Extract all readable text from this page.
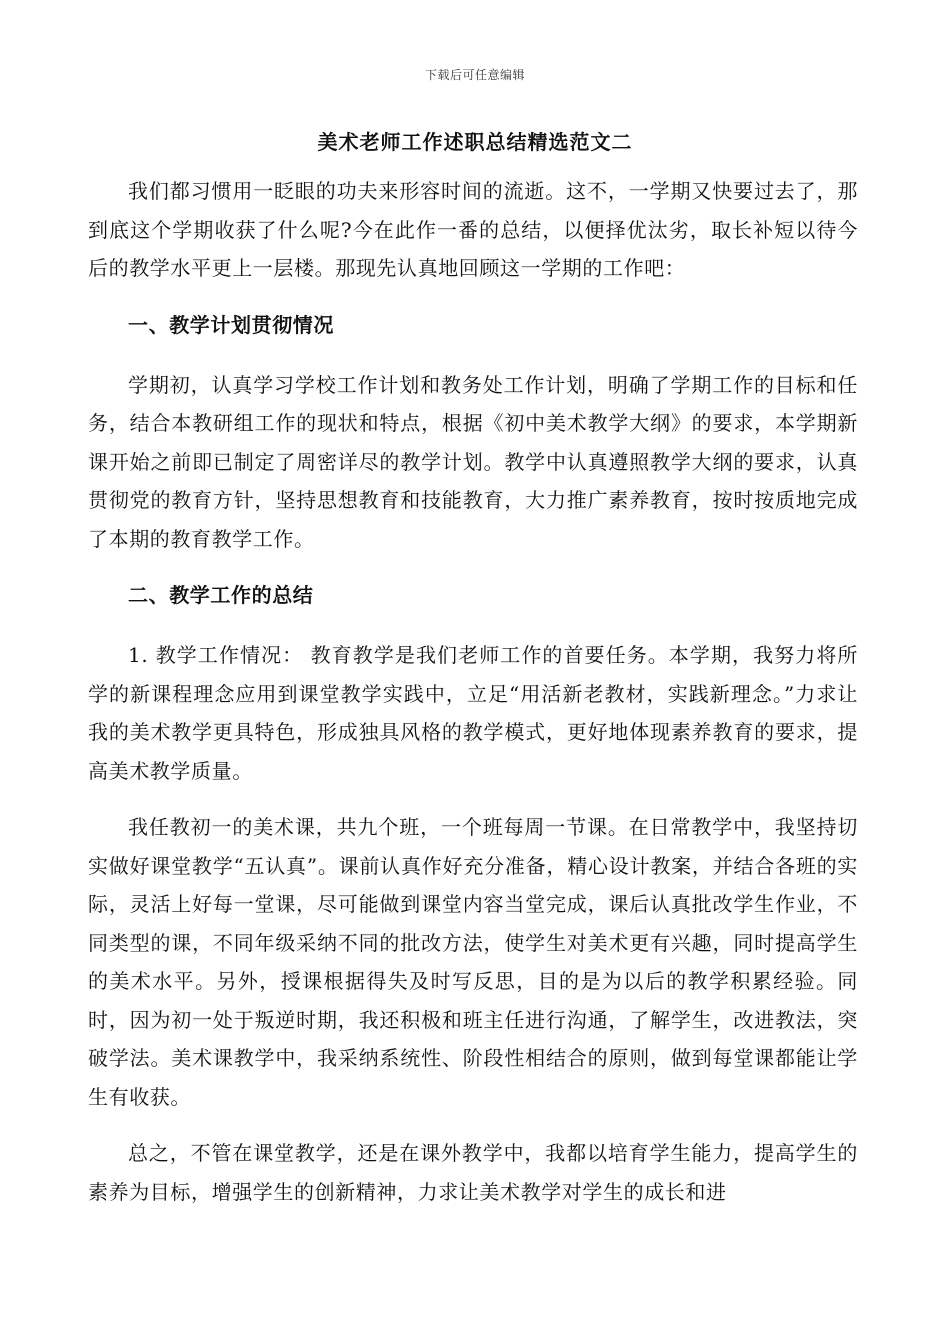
下载后可任意编辑
美术老师工作述职总结精选范文二

我们都习惯用一眨眼的功夫来形容时间的流逝。这不，一学期又快要过去了，那到底这个学期收获了什么呢?今在此作一番的总结，以便择优汰劣，取长补短以待今后的教学水平更上一层楼。那现先认真地回顾这一学期的工作吧：

一、教学计划贯彻情况

学期初，认真学习学校工作计划和教务处工作计划，明确了学期工作的目标和任务，结合本教研组工作的现状和特点，根据《初中美术教学大纲》的要求，本学期新课开始之前即已制定了周密详尽的教学计划。教学中认真遵照教学大纲的要求，认真贯彻党的教育方针，坚持思想教育和技能教育，大力推广素养教育，按时按质地完成了本期的教育教学工作。

二、教学工作的总结

1. 教学工作情况： 教育教学是我们老师工作的首要任务。本学期，我努力将所学的新课程理念应用到课堂教学实践中，立足“用活新老教材，实践新理念。”力求让我的美术教学更具特色，形成独具风格的教学模式，更好地体现素养教育的要求，提高美术教学质量。

我任教初一的美术课，共九个班，一个班每周一节课。在日常教学中，我坚持切实做好课堂教学“五认真”。课前认真作好充分准备，精心设计教案，并结合各班的实际，灵活上好每一堂课，尽可能做到课堂内容当堂完成，课后认真批改学生作业，不同类型的课，不同年级采纳不同的批改方法，使学生对美术更有兴趣，同时提高学生的美术水平。另外，授课根据得失及时写反思，目的是为以后的教学积累经验。同时，因为初一处于叛逆时期，我还积极和班主任进行沟通，了解学生，改进教法，突破学法。美术课教学中，我采纳系统性、阶段性相结合的原则，做到每堂课都能让学生有收获。

总之，不管在课堂教学，还是在课外教学中，我都以培育学生能力，提高学生的素养为目标，增强学生的创新精神，力求让美术教学对学生的成长和进
